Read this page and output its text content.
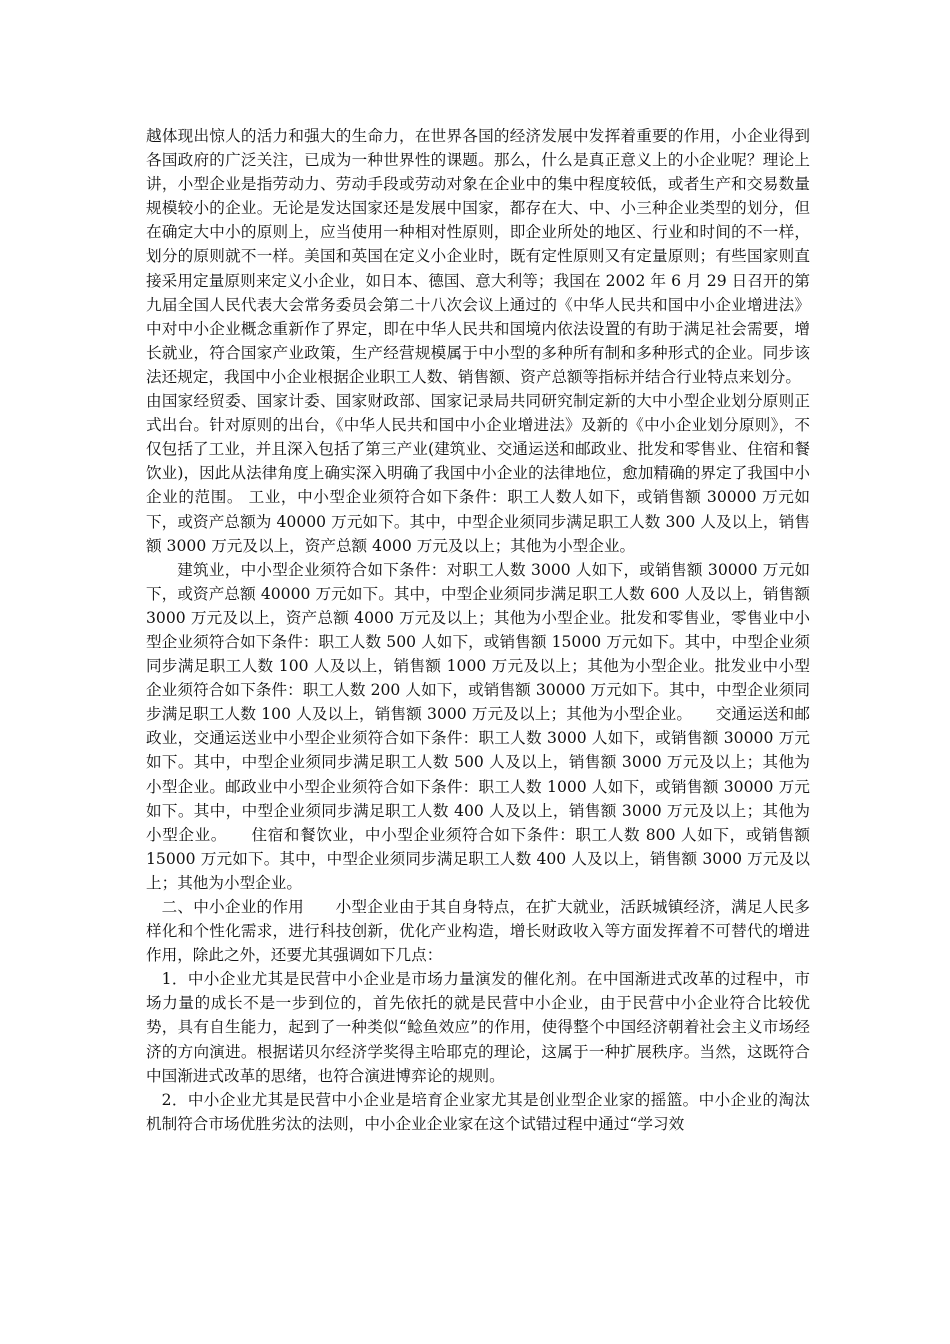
越体现出惊人的活力和强大的生命力，在世界各国的经济发展中发挥着重要的作用，小企业得到各国政府的广泛关注，已成为一种世界性的课题。那么，什么是真正意义上的小企业呢？理论上讲，小型企业是指劳动力、劳动手段或劳动对象在企业中的集中程度较低，或者生产和交易数量规模较小的企业。无论是发达国家还是发展中国家，都存在大、中、小三种企业类型的划分，但在确定大中小的原则上，应当使用一种相对性原则，即企业所处的地区、行业和时间的不一样，划分的原则就不一样。美国和英国在定义小企业时，既有定性原则又有定量原则；有些国家则直接采用定量原则来定义小企业，如日本、德国、意大利等；我国在 2002 年 6 月 29 日召开的第九届全国人民代表大会常务委员会第二十八次会议上通过的《中华人民共和国中小企业增进法》中对中小企业概念重新作了界定，即在中华人民共和国境内依法设置的有助于满足社会需要，增长就业，符合国家产业政策，生产经营规模属于中小型的多种所有制和多种形式的企业。同步该法还规定，我国中小企业根据企业职工人数、销售额、资产总额等指标并结合行业特点来划分。

由国家经贸委、国家计委、国家财政部、国家记录局共同研究制定新的大中小型企业划分原则正式出台。针对原则的出台，《中华人民共和国中小企业增进法》及新的《中小企业划分原则》，不仅包括了工业，并且深入包括了第三产业(建筑业、交通运送和邮政业、批发和零售业、住宿和餐饮业)，因此从法律角度上确实深入明确了我国中小企业的法律地位，愈加精确的界定了我国中小企业的范围。 工业，中小型企业须符合如下条件：职工人数人如下，或销售额 30000 万元如下，或资产总额为 40000 万元如下。其中，中型企业须同步满足职工人数 300 人及以上，销售额 3000 万元及以上，资产总额 4000 万元及以上；其他为小型企业。

建筑业，中小型企业须符合如下条件：对职工人数 3000 人如下，或销售额 30000 万元如下，或资产总额 40000 万元如下。其中，中型企业须同步满足职工人数 600 人及以上，销售额 3000 万元及以上，资产总额 4000 万元及以上；其他为小型企业。批发和零售业，零售业中小型企业须符合如下条件：职工人数 500 人如下，或销售额 15000 万元如下。其中，中型企业须同步满足职工人数 100 人及以上，销售额 1000 万元及以上；其他为小型企业。批发业中小型企业须符合如下条件：职工人数 200 人如下，或销售额 30000 万元如下。其中，中型企业须同步满足职工人数 100 人及以上，销售额 3000 万元及以上；其他为小型企业。　　交通运送和邮政业，交通运送业中小型企业须符合如下条件：职工人数 3000 人如下，或销售额 30000 万元如下。其中，中型企业须同步满足职工人数 500 人及以上，销售额 3000 万元及以上；其他为小型企业。邮政业中小型企业须符合如下条件：职工人数 1000 人如下，或销售额 30000 万元如下。其中，中型企业须同步满足职工人数 400 人及以上，销售额 3000 万元及以上；其他为小型企业。　　住宿和餐饮业，中小型企业须符合如下条件：职工人数 800 人如下，或销售额 15000 万元如下。其中，中型企业须同步满足职工人数 400 人及以上，销售额 3000 万元及以上；其他为小型企业。

二、中小企业的作用　　小型企业由于其自身特点，在扩大就业，活跃城镇经济，满足人民多样化和个性化需求，进行科技创新，优化产业构造，增长财政收入等方面发挥着不可替代的增进作用，除此之外，还要尤其强调如下几点：

1．中小企业尤其是民营中小企业是市场力量演发的催化剂。在中国渐进式改革的过程中，市场力量的成长不是一步到位的，首先依托的就是民营中小企业，由于民营中小企业符合比较优势，具有自生能力，起到了一种类似“鲶鱼效应”的作用，使得整个中国经济朝着社会主义市场经济的方向演进。根据诺贝尔经济学奖得主哈耶克的理论，这属于一种扩展秩序。当然，这既符合中国渐进式改革的思绪，也符合演进博弈论的规则。

2．中小企业尤其是民营中小企业是培育企业家尤其是创业型企业家的摇篮。中小企业的淘汰机制符合市场优胜劣汰的法则，中小企业企业家在这个试错过程中通过“学习效
